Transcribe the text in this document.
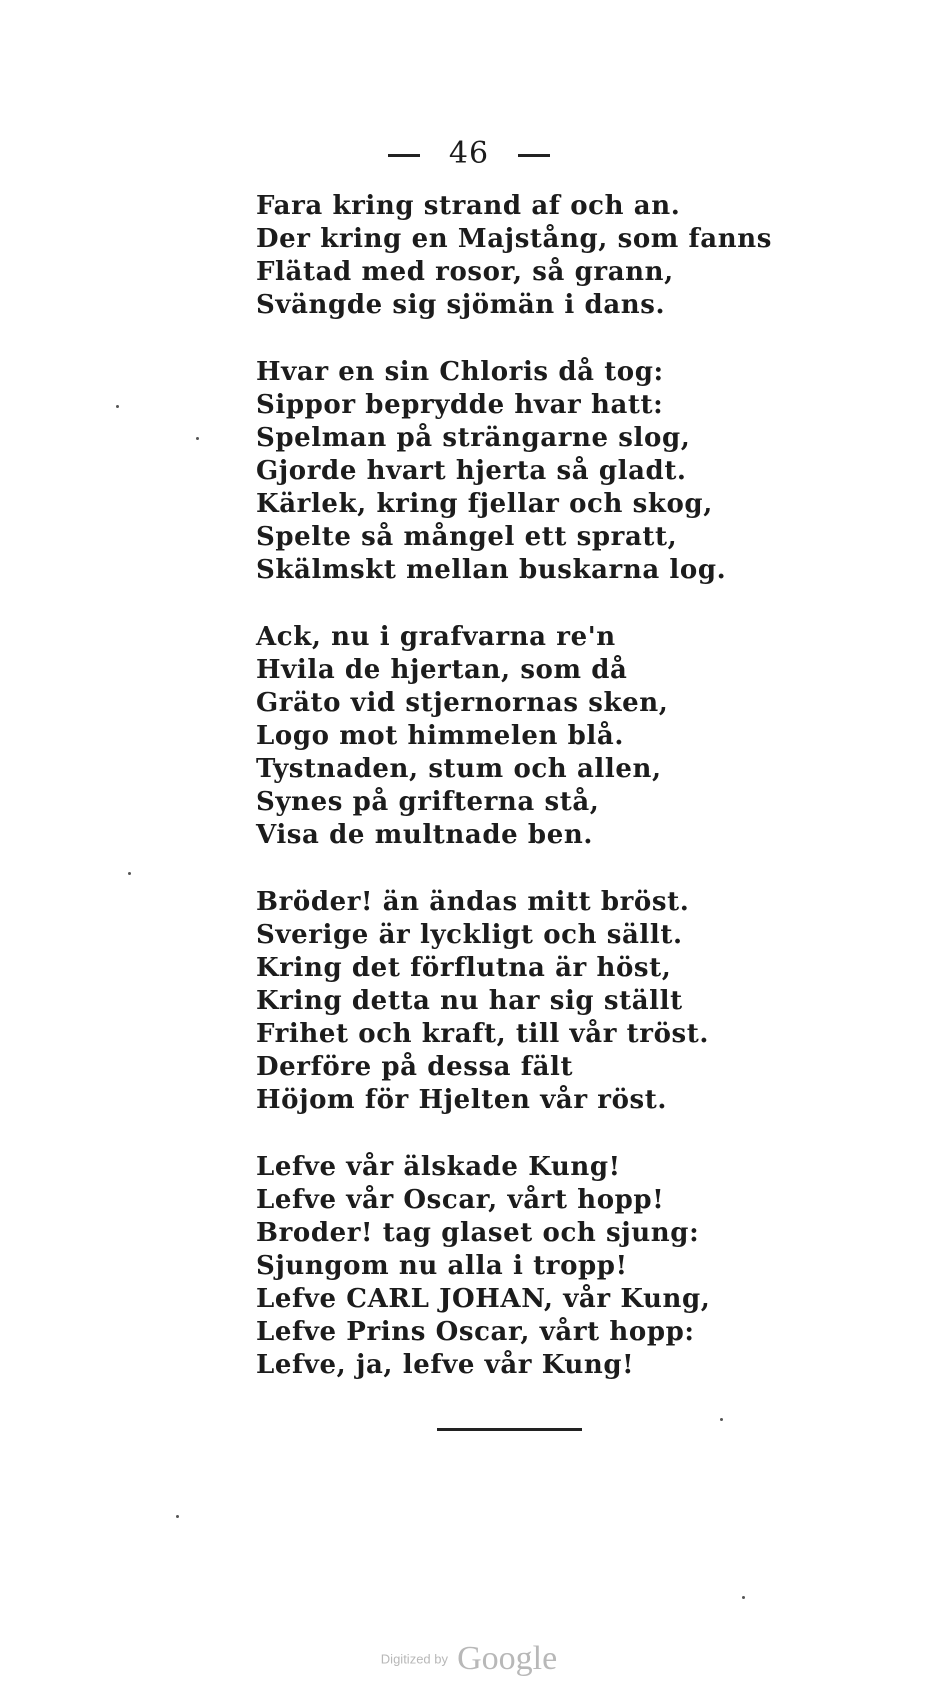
46
Fara kring strand af och an.
Der kring en Majstång, som fanns
Flätad med rosor, så grann,
Svängde sig sjömän i dans.
Hvar en sin Chloris då tog:
Sippor beprydde hvar hatt:
Spelman på strängarne slog,
Gjorde hvart hjerta så gladt.
Kärlek, kring fjellar och skog,
Spelte så mångel ett spratt,
Skälmskt mellan buskarna log.
Ack, nu i grafvarna re'n
Hvila de hjertan, som då
Gräto vid stjernornas sken,
Logo mot himmelen blå.
Tystnaden, stum och allen,
Synes på grifterna stå,
Visa de multnade ben.
Bröder! än ändas mitt bröst.
Sverige är lyckligt och sällt.
Kring det förflutna är höst,
Kring detta nu har sig ställt
Frihet och kraft, till vår tröst.
Derföre på dessa fält
Höjom för Hjelten vår röst.
Lefve vår älskade Kung!
Lefve vår Oscar, vårt hopp!
Broder! tag glaset och sjung:
Sjungom nu alla i tropp!
Lefve CARL JOHAN, vår Kung,
Lefve Prins Oscar, vårt hopp:
Lefve, ja, lefve vår Kung!
Digitized by Google
